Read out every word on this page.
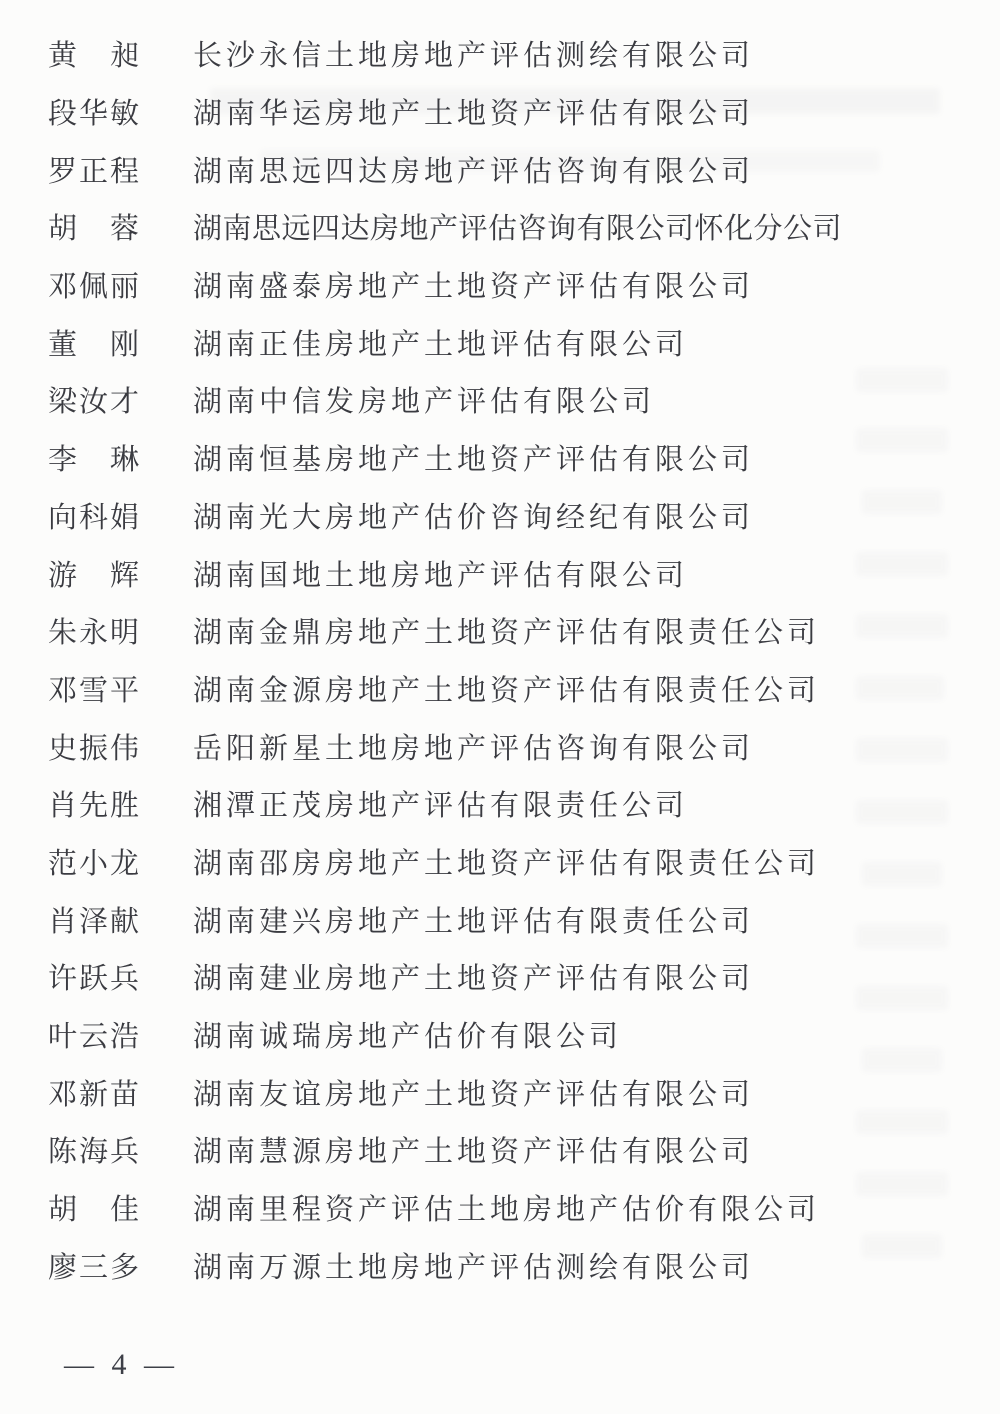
黄　昶 长沙永信土地房地产评估测绘有限公司
段华敏 湖南华运房地产土地资产评估有限公司
罗正程 湖南思远四达房地产评估咨询有限公司
胡　蓉 湖南思远四达房地产评估咨询有限公司怀化分公司
邓佩丽 湖南盛泰房地产土地资产评估有限公司
董　刚 湖南正佳房地产土地评估有限公司
梁汝才 湖南中信发房地产评估有限公司
李　琳 湖南恒基房地产土地资产评估有限公司
向科娟 湖南光大房地产估价咨询经纪有限公司
游　辉 湖南国地土地房地产评估有限公司
朱永明 湖南金鼎房地产土地资产评估有限责任公司
邓雪平 湖南金源房地产土地资产评估有限责任公司
史振伟 岳阳新星土地房地产评估咨询有限公司
肖先胜 湘潭正茂房地产评估有限责任公司
范小龙 湖南邵房房地产土地资产评估有限责任公司
肖泽献 湖南建兴房地产土地评估有限责任公司
许跃兵 湖南建业房地产土地资产评估有限公司
叶云浩 湖南诚瑞房地产估价有限公司
邓新苗 湖南友谊房地产土地资产评估有限公司
陈海兵 湖南慧源房地产土地资产评估有限公司
胡　佳 湖南里程资产评估土地房地产估价有限公司
廖三多 湖南万源土地房地产评估测绘有限公司
— 4 —
